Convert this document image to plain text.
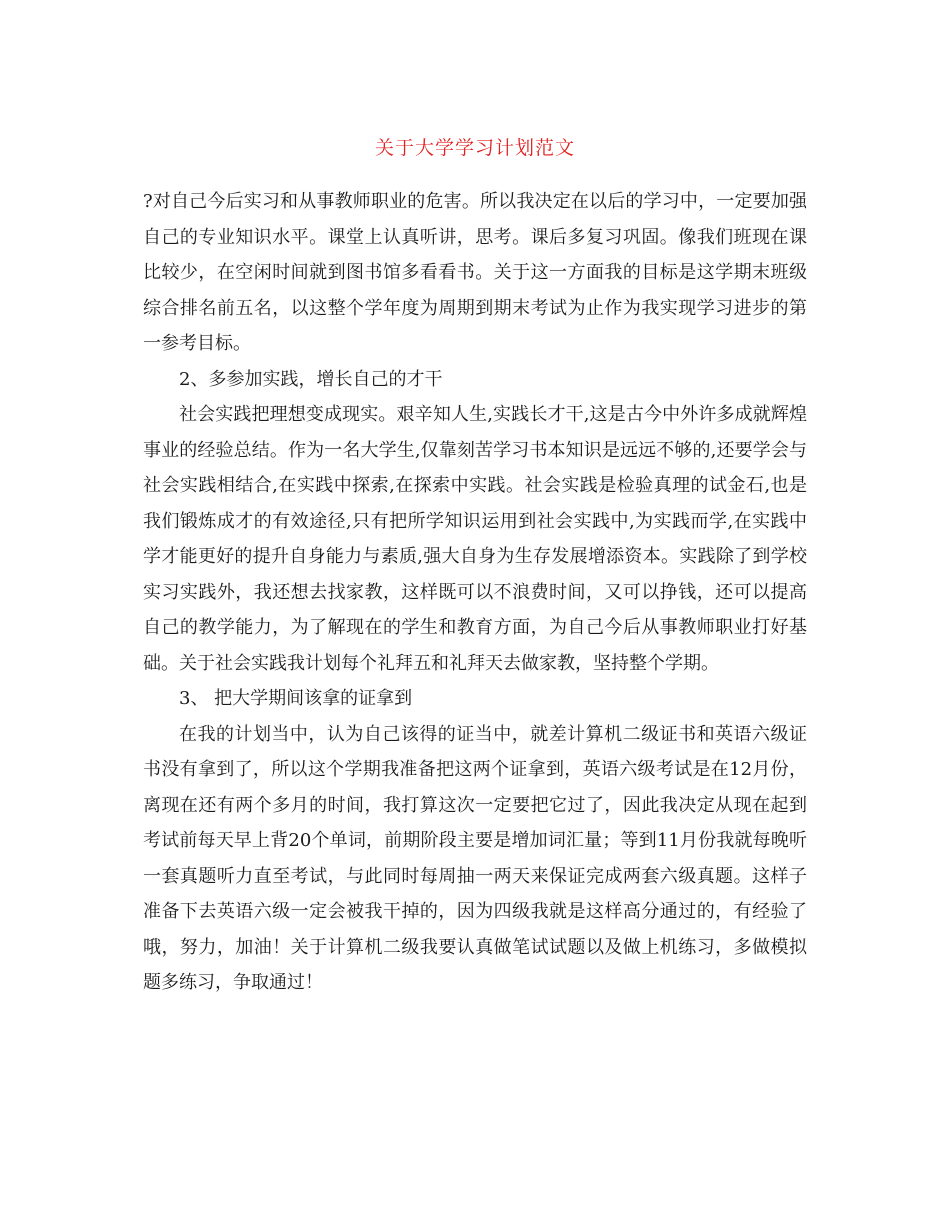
关于大学学习计划范文

?对自己今后实习和从事教师职业的危害。所以我决定在以后的学习中，一定要加强自己的专业知识水平。课堂上认真听讲，思考。课后多复习巩固。像我们班现在课比较少，在空闲时间就到图书馆多看看书。关于这一方面我的目标是这学期末班级综合排名前五名，以这整个学年度为周期到期末考试为止作为我实现学习进步的第一参考目标。

2、多参加实践，增长自己的才干

社会实践把理想变成现实。艰辛知人生,实践长才干,这是古今中外许多成就辉煌事业的经验总结。作为一名大学生,仅靠刻苦学习书本知识是远远不够的,还要学会与社会实践相结合,在实践中探索,在探索中实践。社会实践是检验真理的试金石,也是我们锻炼成才的有效途径,只有把所学知识运用到社会实践中,为实践而学,在实践中学才能更好的提升自身能力与素质,强大自身为生存发展增添资本。实践除了到学校实习实践外，我还想去找家教，这样既可以不浪费时间，又可以挣钱，还可以提高自己的教学能力，为了解现在的学生和教育方面，为自己今后从事教师职业打好基础。关于社会实践我计划每个礼拜五和礼拜天去做家教，坚持整个学期。

3、 把大学期间该拿的证拿到

在我的计划当中，认为自己该得的证当中，就差计算机二级证书和英语六级证书没有拿到了，所以这个学期我准备把这两个证拿到，英语六级考试是在12月份，离现在还有两个多月的时间，我打算这次一定要把它过了，因此我决定从现在起到考试前每天早上背20个单词，前期阶段主要是增加词汇量；等到11月份我就每晚听一套真题听力直至考试，与此同时每周抽一两天来保证完成两套六级真题。这样子准备下去英语六级一定会被我干掉的，因为四级我就是这样高分通过的，有经验了哦，努力，加油！关于计算机二级我要认真做笔试试题以及做上机练习，多做模拟题多练习，争取通过！
